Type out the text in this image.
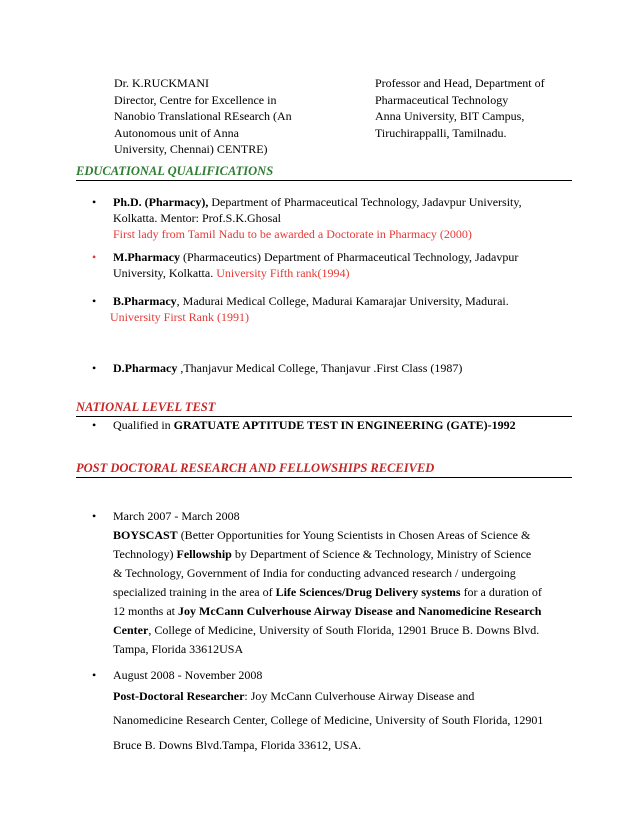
Dr. K.RUCKMANI
Director, Centre for Excellence in
Nanobio Translational REsearch (An
Autonomous unit of Anna
University, Chennai) CENTRE)
Professor and Head, Department of
Pharmaceutical Technology
Anna University, BIT Campus,
Tiruchirappalli, Tamilnadu.
EDUCATIONAL QUALIFICATIONS
• Ph.D. (Pharmacy), Department of Pharmaceutical Technology, Jadavpur University,
Kolkatta. Mentor: Prof.S.K.Ghosal
First lady from Tamil Nadu to be awarded a Doctorate in Pharmacy (2000)
• M.Pharmacy (Pharmaceutics) Department of Pharmaceutical Technology, Jadavpur
University, Kolkatta. University Fifth rank(1994)
• B.Pharmacy, Madurai Medical College, Madurai Kamarajar University, Madurai.
University First Rank (1991)
• D.Pharmacy ,Thanjavur Medical College, Thanjavur .First Class (1987)
NATIONAL LEVEL TEST
• Qualified in GRATUATE APTITUDE TEST IN ENGINEERING (GATE)-1992
POST DOCTORAL RESEARCH AND FELLOWSHIPS RECEIVED
• March 2007 - March 2008
BOYSCAST (Better Opportunities for Young Scientists in Chosen Areas of Science &
Technology) Fellowship by Department of Science & Technology, Ministry of Science
& Technology, Government of India for conducting advanced research / undergoing
specialized training in the area of Life Sciences/Drug Delivery systems for a duration of
12 months at Joy McCann Culverhouse Airway Disease and Nanomedicine Research
Center, College of Medicine, University of South Florida, 12901 Bruce B. Downs Blvd.
Tampa, Florida 33612USA
• August 2008 - November 2008
Post-Doctoral Researcher: Joy McCann Culverhouse Airway Disease and
Nanomedicine Research Center, College of Medicine, University of South Florida, 12901
Bruce B. Downs Blvd.Tampa, Florida 33612, USA.
